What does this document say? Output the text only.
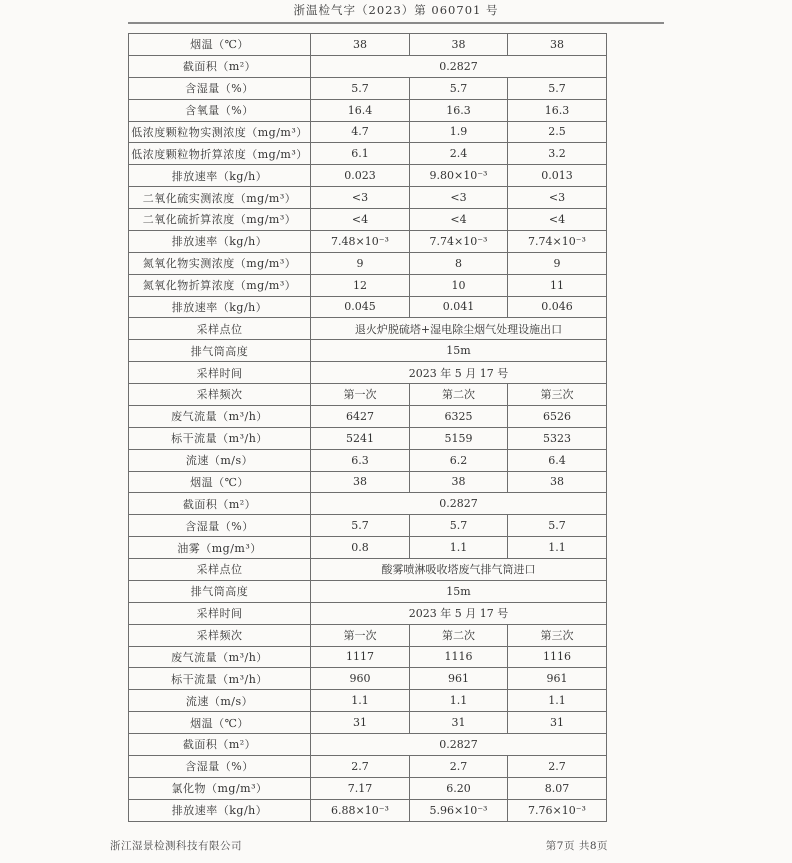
浙温检气字（2023）第 060701 号
烟温（℃）	38	38	38
截面积（m²）	0.2827		
含湿量（%）	5.7	5.7	5.7
含氧量（%）	16.4	16.3	16.3
低浓度颗粒物实测浓度（mg/m³）	4.7	1.9	2.5
低浓度颗粒物折算浓度（mg/m³）	6.1	2.4	3.2
排放速率（kg/h）	0.023	9.80×10⁻³	0.013
二氧化硫实测浓度（mg/m³）	<3	<3	<3
二氧化硫折算浓度（mg/m³）	<4	<4	<4
排放速率（kg/h）	7.48×10⁻³	7.74×10⁻³	7.74×10⁻³
氮氧化物实测浓度（mg/m³）	9	8	9
氮氧化物折算浓度（mg/m³）	12	10	11
排放速率（kg/h）	0.045	0.041	0.046
采样点位	退火炉脱硫塔+湿电除尘烟气处理设施出口		
排气筒高度	15m		
采样时间	2023 年 5 月 17 号		
采样频次	第一次	第二次	第三次
废气流量（m³/h）	6427	6325	6526
标干流量（m³/h）	5241	5159	5323
流速（m/s）	6.3	6.2	6.4
烟温（℃）	38	38	38
截面积（m²）	0.2827		
含湿量（%）	5.7	5.7	5.7
油雾（mg/m³）	0.8	1.1	1.1
采样点位	酸雾喷淋吸收塔废气排气筒进口		
排气筒高度	15m		
采样时间	2023 年 5 月 17 号		
采样频次	第一次	第二次	第三次
废气流量（m³/h）	1117	1116	1116
标干流量（m³/h）	960	961	961
流速（m/s）	1.1	1.1	1.1
烟温（℃）	31	31	31
截面积（m²）	0.2827		
含湿量（%）	2.7	2.7	2.7
氯化物（mg/m³）	7.17	6.20	8.07
排放速率（kg/h）	6.88×10⁻³	5.96×10⁻³	7.76×10⁻³
浙江湿景检测科技有限公司	第7页 共8页
